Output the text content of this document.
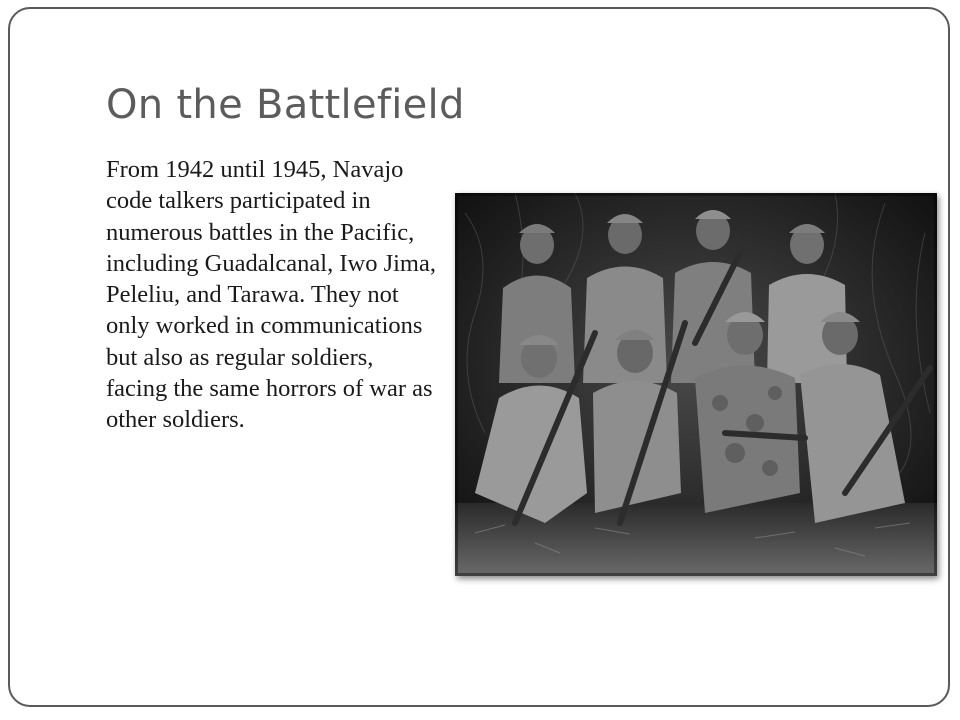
On the Battlefield

From 1942 until 1945, Navajo code talkers participated in numerous battles in the Pacific, including Guadalcanal, Iwo Jima, Peleliu, and Tarawa. They not only worked in communications but also as regular soldiers, facing the same horrors of war as other soldiers.
